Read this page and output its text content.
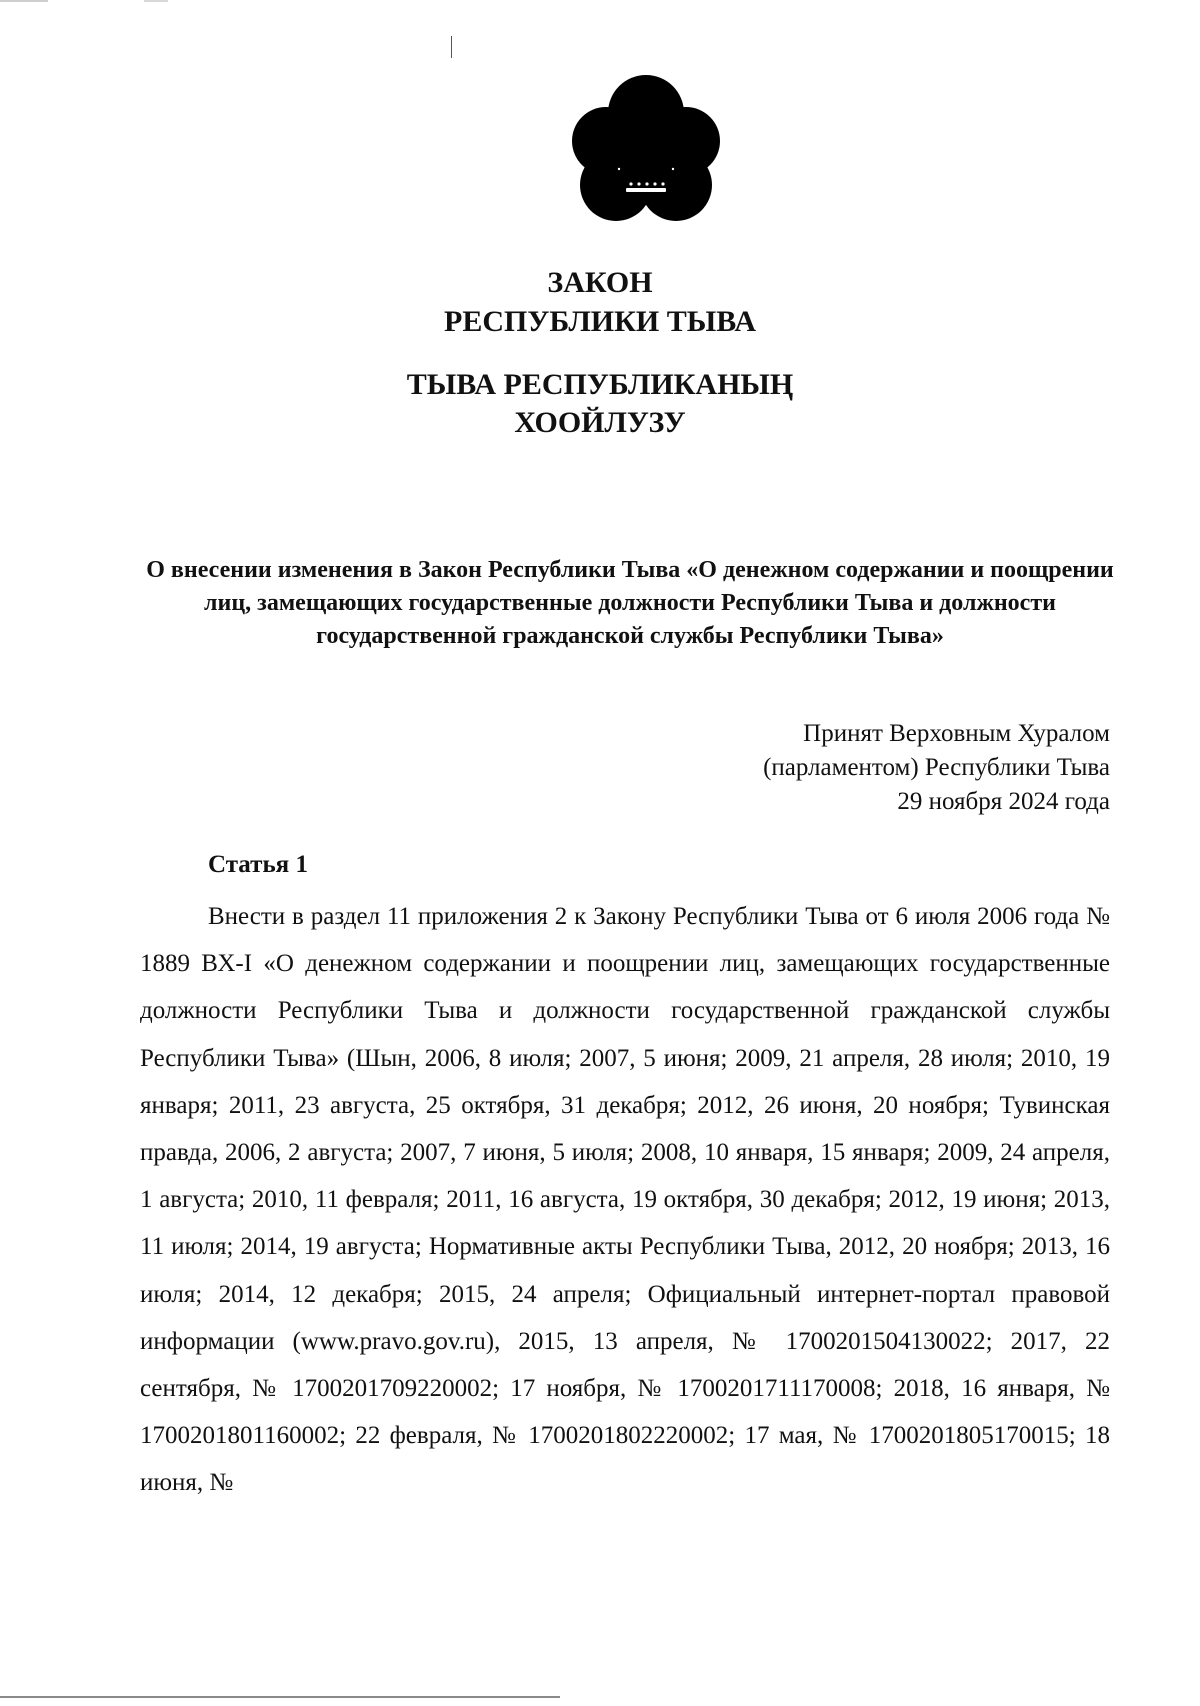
ЗАКОН
РЕСПУБЛИКИ ТЫВА
ТЫВА РЕСПУБЛИКАНЫҢ
ХООЙЛУЗУ

О внесении изменения в Закон Республики Тыва «О денежном содержании и поощрении лиц, замещающих государственные должности Республики Тыва и должности государственной гражданской службы Республики Тыва»

Принят Верховным Хуралом
(парламентом) Республики Тыва
29 ноября 2024 года
Статья 1

Внести в раздел 11 приложения 2 к Закону Республики Тыва от 6 июля 2006 года № 1889 ВХ-I «О денежном содержании и поощрении лиц, замещающих государственные должности Республики Тыва и должности государственной гражданской службы Республики Тыва» (Шын, 2006, 8 июля; 2007, 5 июня; 2009, 21 апреля, 28 июля; 2010, 19 января; 2011, 23 августа, 25 октября, 31 декабря; 2012, 26 июня, 20 ноября; Тувинская правда, 2006, 2 августа; 2007, 7 июня, 5 июля; 2008, 10 января, 15 января; 2009, 24 апреля, 1 августа; 2010, 11 февраля; 2011, 16 августа, 19 октября, 30 декабря; 2012, 19 июня; 2013, 11 июля; 2014, 19 августа; Нормативные акты Республики Тыва, 2012, 20 ноября; 2013, 16 июля; 2014, 12 декабря; 2015, 24 апреля; Официальный интернет-портал правовой информации (www.pravo.gov.ru), 2015, 13 апреля, № 1700201504130022; 2017, 22 сентября, № 1700201709220002; 17 ноября, № 1700201711170008; 2018, 16 января, № 1700201801160002; 22 февраля, № 1700201802220002; 17 мая, № 1700201805170015; 18 июня, №
